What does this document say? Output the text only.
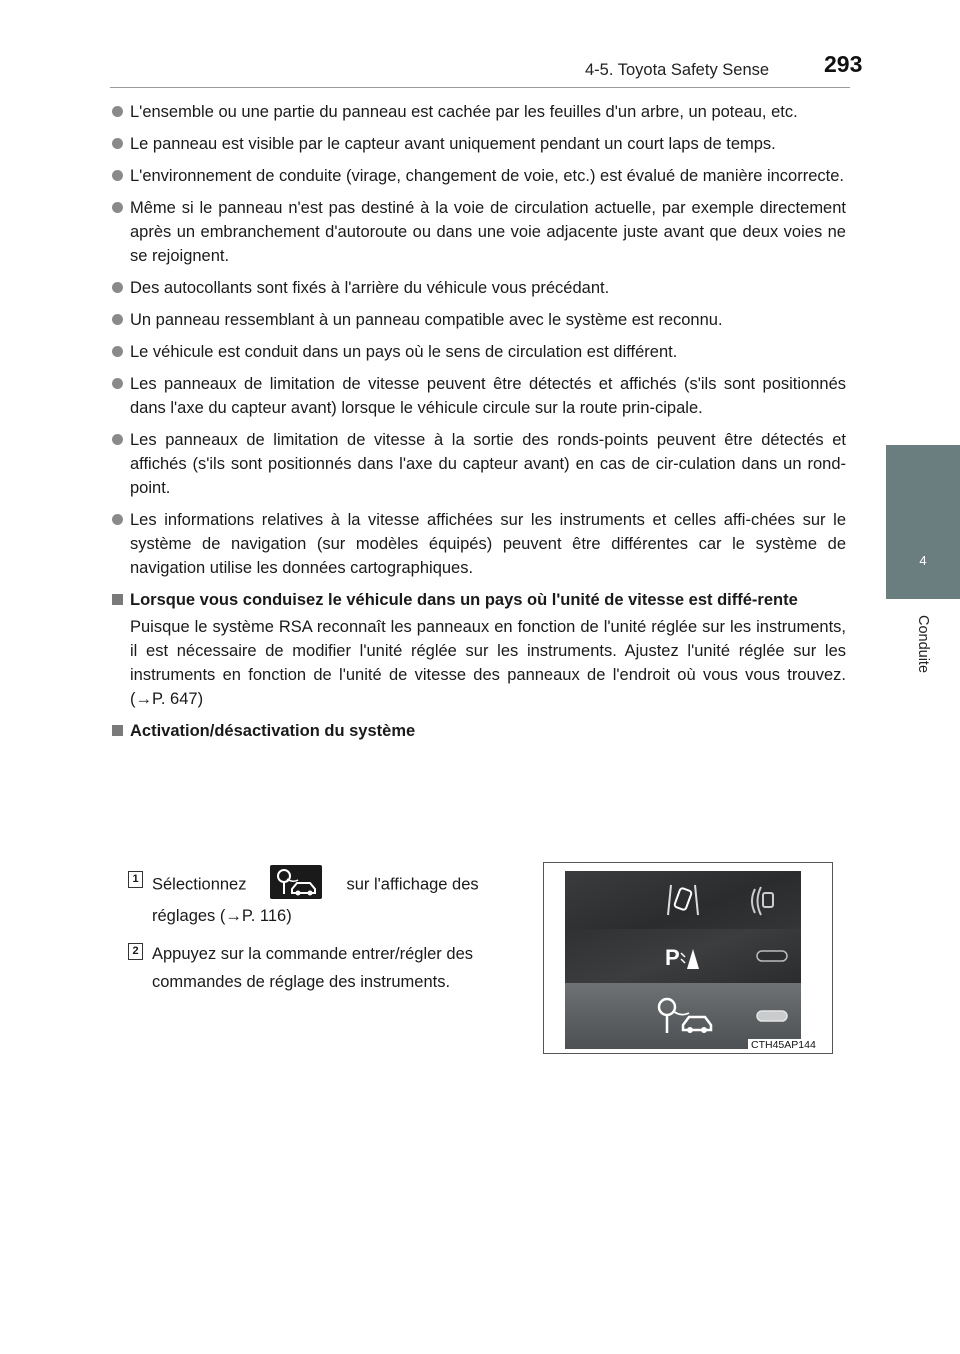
4-5. Toyota Safety Sense 293
4
Conduite
L'ensemble ou une partie du panneau est cachée par les feuilles d'un arbre, un poteau, etc.
Le panneau est visible par le capteur avant uniquement pendant un court laps de temps.
L'environnement de conduite (virage, changement de voie, etc.) est évalué de manière incorrecte.
Même si le panneau n'est pas destiné à la voie de circulation actuelle, par exemple directement après un embranchement d'autoroute ou dans une voie adjacente juste avant que deux voies ne se rejoignent.
Des autocollants sont fixés à l'arrière du véhicule vous précédant.
Un panneau ressemblant à un panneau compatible avec le système est reconnu.
Le véhicule est conduit dans un pays où le sens de circulation est différent.
Les panneaux de limitation de vitesse peuvent être détectés et affichés (s'ils sont positionnés dans l'axe du capteur avant) lorsque le véhicule circule sur la route prin-cipale.
Les panneaux de limitation de vitesse à la sortie des ronds-points peuvent être détectés et affichés (s'ils sont positionnés dans l'axe du capteur avant) en cas de cir-culation dans un rond-point.
Les informations relatives à la vitesse affichées sur les instruments et celles affi-chées sur le système de navigation (sur modèles équipés) peuvent être différentes car le système de navigation utilise les données cartographiques.
Lorsque vous conduisez le véhicule dans un pays où l'unité de vitesse est diffé-rente
Puisque le système RSA reconnaît les panneaux en fonction de l'unité réglée sur les instruments, il est nécessaire de modifier l'unité réglée sur les instruments. Ajustez l'unité réglée sur les instruments en fonction de l'unité de vitesse des panneaux de l'endroit où vous vous trouvez. (→P. 647)
Activation/désactivation du système
1 Sélectionnez	sur l'affichage des réglages (→P. 116)
2 Appuyez sur la commande entrer/régler des commandes de réglage des instruments.
P
CTH45AP144
